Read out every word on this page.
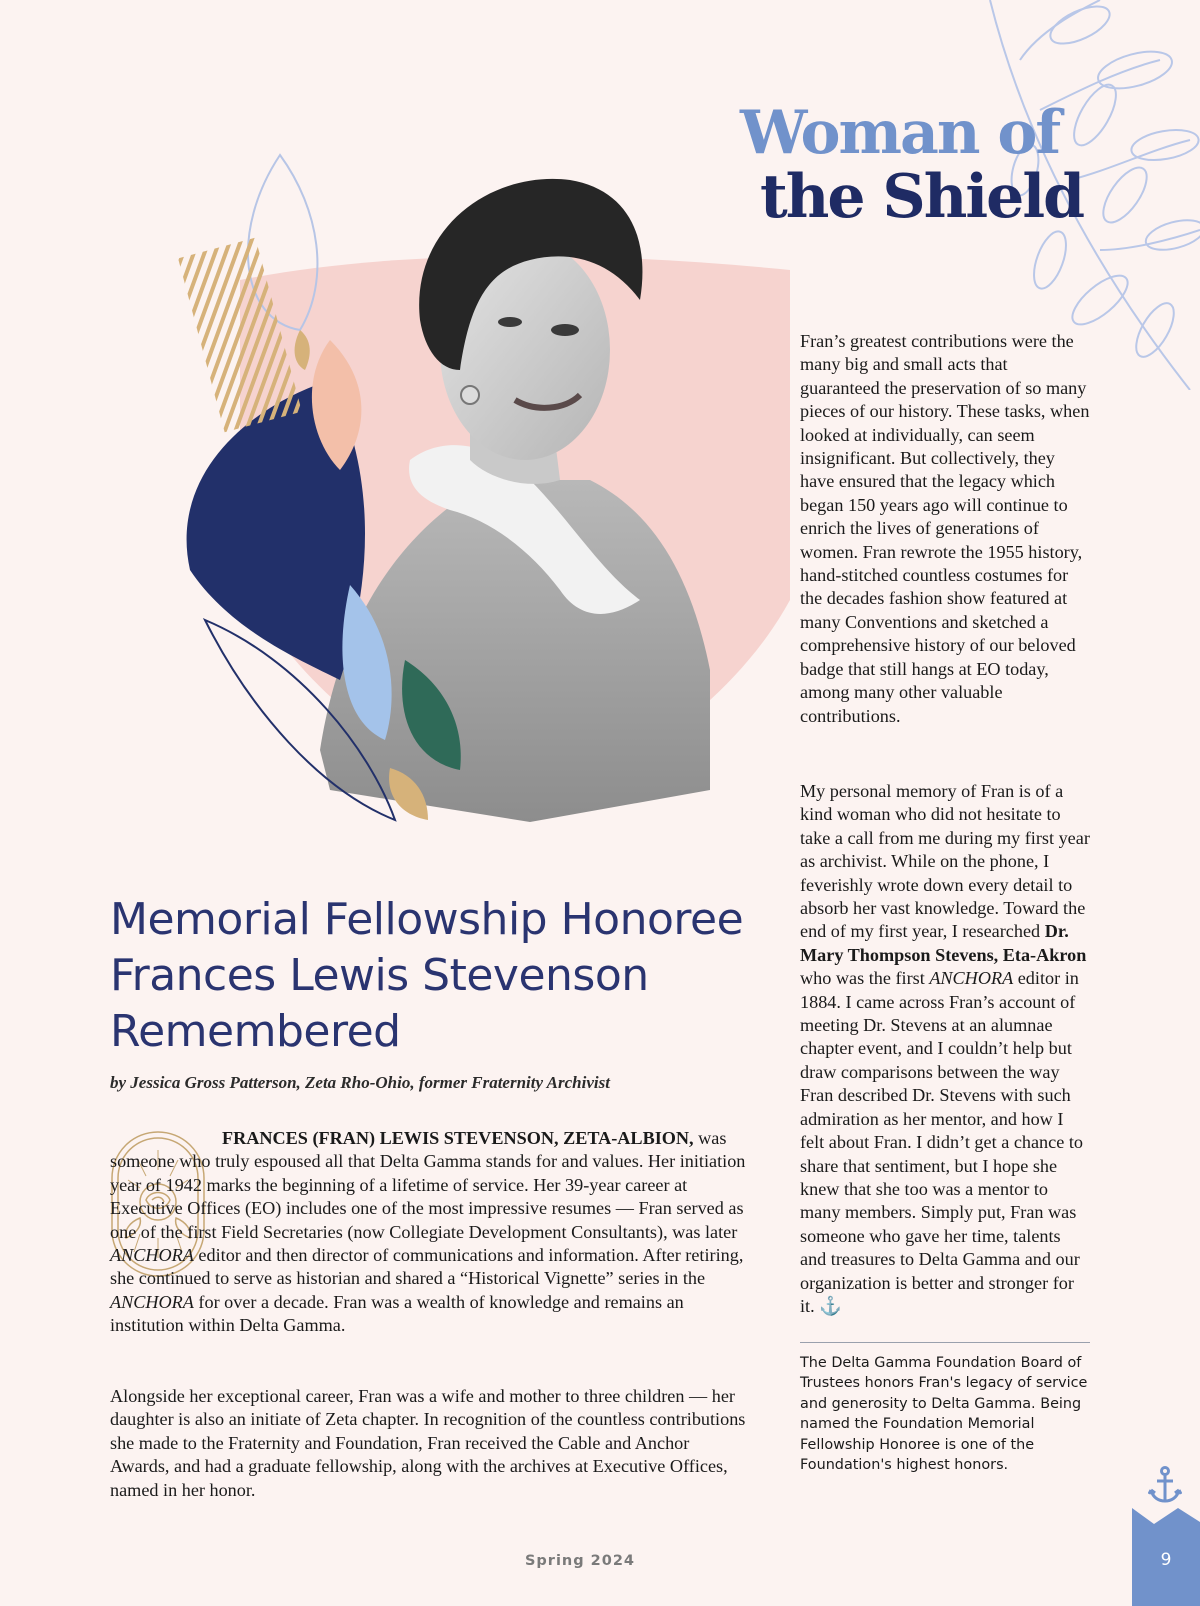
Woman of
the Shield

Fran’s greatest contributions were the many big and small acts that guaranteed the preservation of so many pieces of our history. These tasks, when looked at individually, can seem insignificant. But collectively, they have ensured that the legacy which began 150 years ago will continue to enrich the lives of generations of women. Fran rewrote the 1955 history, hand-stitched countless costumes for the decades fashion show featured at many Conventions and sketched a comprehensive history of our beloved badge that still hangs at EO today, among many other valuable contributions.

My personal memory of Fran is of a kind woman who did not hesitate to take a call from me during my first year as archivist. While on the phone, I feverishly wrote down every detail to absorb her vast knowledge. Toward the end of my first year, I researched Dr. Mary Thompson Stevens, Eta-Akron who was the first ANCHORA editor in 1884. I came across Fran’s account of meeting Dr. Stevens at an alumnae chapter event, and I couldn’t help but draw comparisons between the way Fran described Dr. Stevens with such admiration as her mentor, and how I felt about Fran. I didn’t get a chance to share that sentiment, but I hope she knew that she too was a mentor to many members. Simply put, Fran was someone who gave her time, talents and treasures to Delta Gamma and our organization is better and stronger for it. ⚓

The Delta Gamma Foundation Board of Trustees honors Fran's legacy of service and generosity to Delta Gamma. Being named the Foundation Memorial Fellowship Honoree is one of the Foundation's highest honors.
Memorial Fellowship Honoree Frances Lewis Stevenson Remembered
by Jessica Gross Patterson, Zeta Rho-Ohio, former Fraternity Archivist

FRANCES (FRAN) LEWIS STEVENSON, ZETA-ALBION, was someone who truly espoused all that Delta Gamma stands for and values. Her initiation year of 1942 marks the beginning of a lifetime of service. Her 39-year career at Executive Offices (EO) includes one of the most impressive resumes — Fran served as one of the first Field Secretaries (now Collegiate Development Consultants), was later ANCHORA editor and then director of communications and information. After retiring, she continued to serve as historian and shared a “Historical Vignette” series in the ANCHORA for over a decade. Fran was a wealth of knowledge and remains an institution within Delta Gamma.

Alongside her exceptional career, Fran was a wife and mother to three children — her daughter is also an initiate of Zeta chapter. In recognition of the countless contributions she made to the Fraternity and Foundation, Fran received the Cable and Anchor Awards, and had a graduate fellowship, along with the archives at Executive Offices, named in her honor.
Spring 2024	9
